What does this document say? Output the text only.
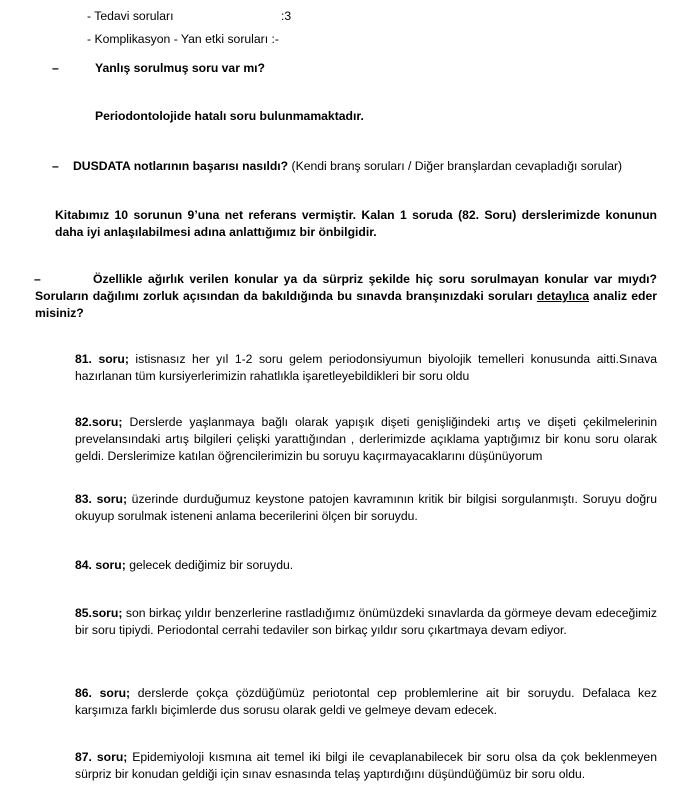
- Tedavi soruları	:3
- Komplikasyon - Yan etki soruları :-
–	Yanlış sorulmuş soru var mı?
Periodontolojide hatalı soru bulunmamaktadır.
– DUSDATA notlarının başarısı nasıldı? (Kendi branş soruları / Diğer branşlardan cevapladığı sorular)
Kitabımız 10 sorunun 9’una net referans vermiştir. Kalan 1 soruda (82. Soru) derslerimizde konunun daha iyi anlaşılabilmesi adına anlattığımız bir önbilgidir.
–	Özellikle ağırlık verilen konular ya da sürpriz şekilde hiç soru sorulmayan konular var mıydı? Soruların dağılımı zorluk açısından da bakıldığında bu sınavda branşınızdaki soruları detaylıca analiz eder misiniz?
81. soru; istisnasız her yıl 1-2 soru gelem periodonsiyumun biyolojik temelleri konusunda aitti.Sınava hazırlanan tüm kursiyerlerimizin rahatlıkla işaretleyebildikleri bir soru oldu
82.soru; Derslerde yaşlanmaya bağlı olarak yapışık dişeti genişliğindeki artış ve dişeti çekilmelerinin prevelansındaki artış bilgileri çelişki yarattığından , derlerimizde açıklama yaptığımız bir konu soru olarak geldi. Derslerimize katılan öğrencilerimizin bu soruyu kaçırmayacaklarını düşünüyorum
83. soru; üzerinde durduğumuz keystone patojen kavramının kritik bir bilgisi sorgulanmıştı. Soruyu doğru okuyup sorulmak isteneni anlama becerilerini ölçen bir soruydu.
84. soru; gelecek dediğimiz bir soruydu.
85.soru; son birkaç yıldır benzerlerine rastladığımız önümüzdeki sınavlarda da görmeye devam edeceğimiz bir soru tipiydi. Periodontal cerrahi tedaviler son birkaç yıldır soru çıkartmaya devam ediyor.
86. soru; derslerde çokça çözdüğümüz periotontal cep problemlerine ait bir soruydu. Defalaca kez karşımıza farklı biçimlerde dus sorusu olarak geldi ve gelmeye devam edecek.
87. soru; Epidemiyoloji kısmına ait temel iki bilgi ile cevaplanabilecek bir soru olsa da çok beklenmeyen sürpriz bir konudan geldiği için sınav esnasında telaş yaptırdığını düşündüğümüz bir soru oldu.
